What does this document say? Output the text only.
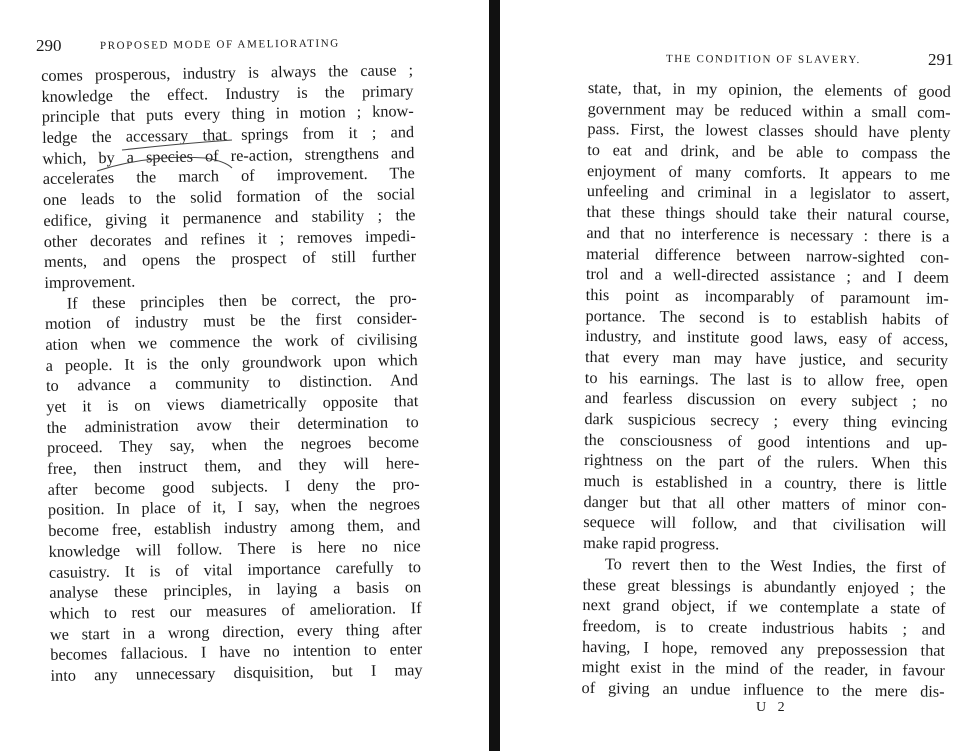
290	PROPOSED MODE OF AMELIORATING
comes prosperous, industry is always the cause ;
knowledge the effect. Industry is the primary
principle that puts every thing in motion ; know-
ledge the accessary that springs from it ; and
which, by a species of re-action, strengthens and
accelerates the march of improvement. The
one leads to the solid formation of the social
edifice, giving it permanence and stability ; the
other decorates and refines it ; removes impedi-
ments, and opens the prospect of still further
improvement.
If these principles then be correct, the pro-
motion of industry must be the first consider-
ation when we commence the work of civilising
a people. It is the only groundwork upon which
to advance a community to distinction. And
yet it is on views diametrically opposite that
the administration avow their determination to
proceed. They say, when the negroes become
free, then instruct them, and they will here-
after become good subjects. I deny the pro-
position. In place of it, I say, when the negroes
become free, establish industry among them, and
knowledge will follow. There is here no nice
casuistry. It is of vital importance carefully to
analyse these principles, in laying a basis on
which to rest our measures of amelioration. If
we start in a wrong direction, every thing after
becomes fallacious. I have no intention to enter
into any unnecessary disquisition, but I may
THE CONDITION OF SLAVERY.	291
state, that, in my opinion, the elements of good
government may be reduced within a small com-
pass. First, the lowest classes should have plenty
to eat and drink, and be able to compass the
enjoyment of many comforts. It appears to me
unfeeling and criminal in a legislator to assert,
that these things should take their natural course,
and that no interference is necessary : there is a
material difference between narrow-sighted con-
trol and a well-directed assistance ; and I deem
this point as incomparably of paramount im-
portance. The second is to establish habits of
industry, and institute good laws, easy of access,
that every man may have justice, and security
to his earnings. The last is to allow free, open
and fearless discussion on every subject ; no
dark suspicious secrecy ; every thing evincing
the consciousness of good intentions and up-
rightness on the part of the rulers. When this
much is established in a country, there is little
danger but that all other matters of minor con-
sequece will follow, and that civilisation will
make rapid progress.
To revert then to the West Indies, the first of
these great blessings is abundantly enjoyed ; the
next grand object, if we contemplate a state of
freedom, is to create industrious habits ; and
having, I hope, removed any prepossession that
might exist in the mind of the reader, in favour
of giving an undue influence to the mere dis-
U 2
